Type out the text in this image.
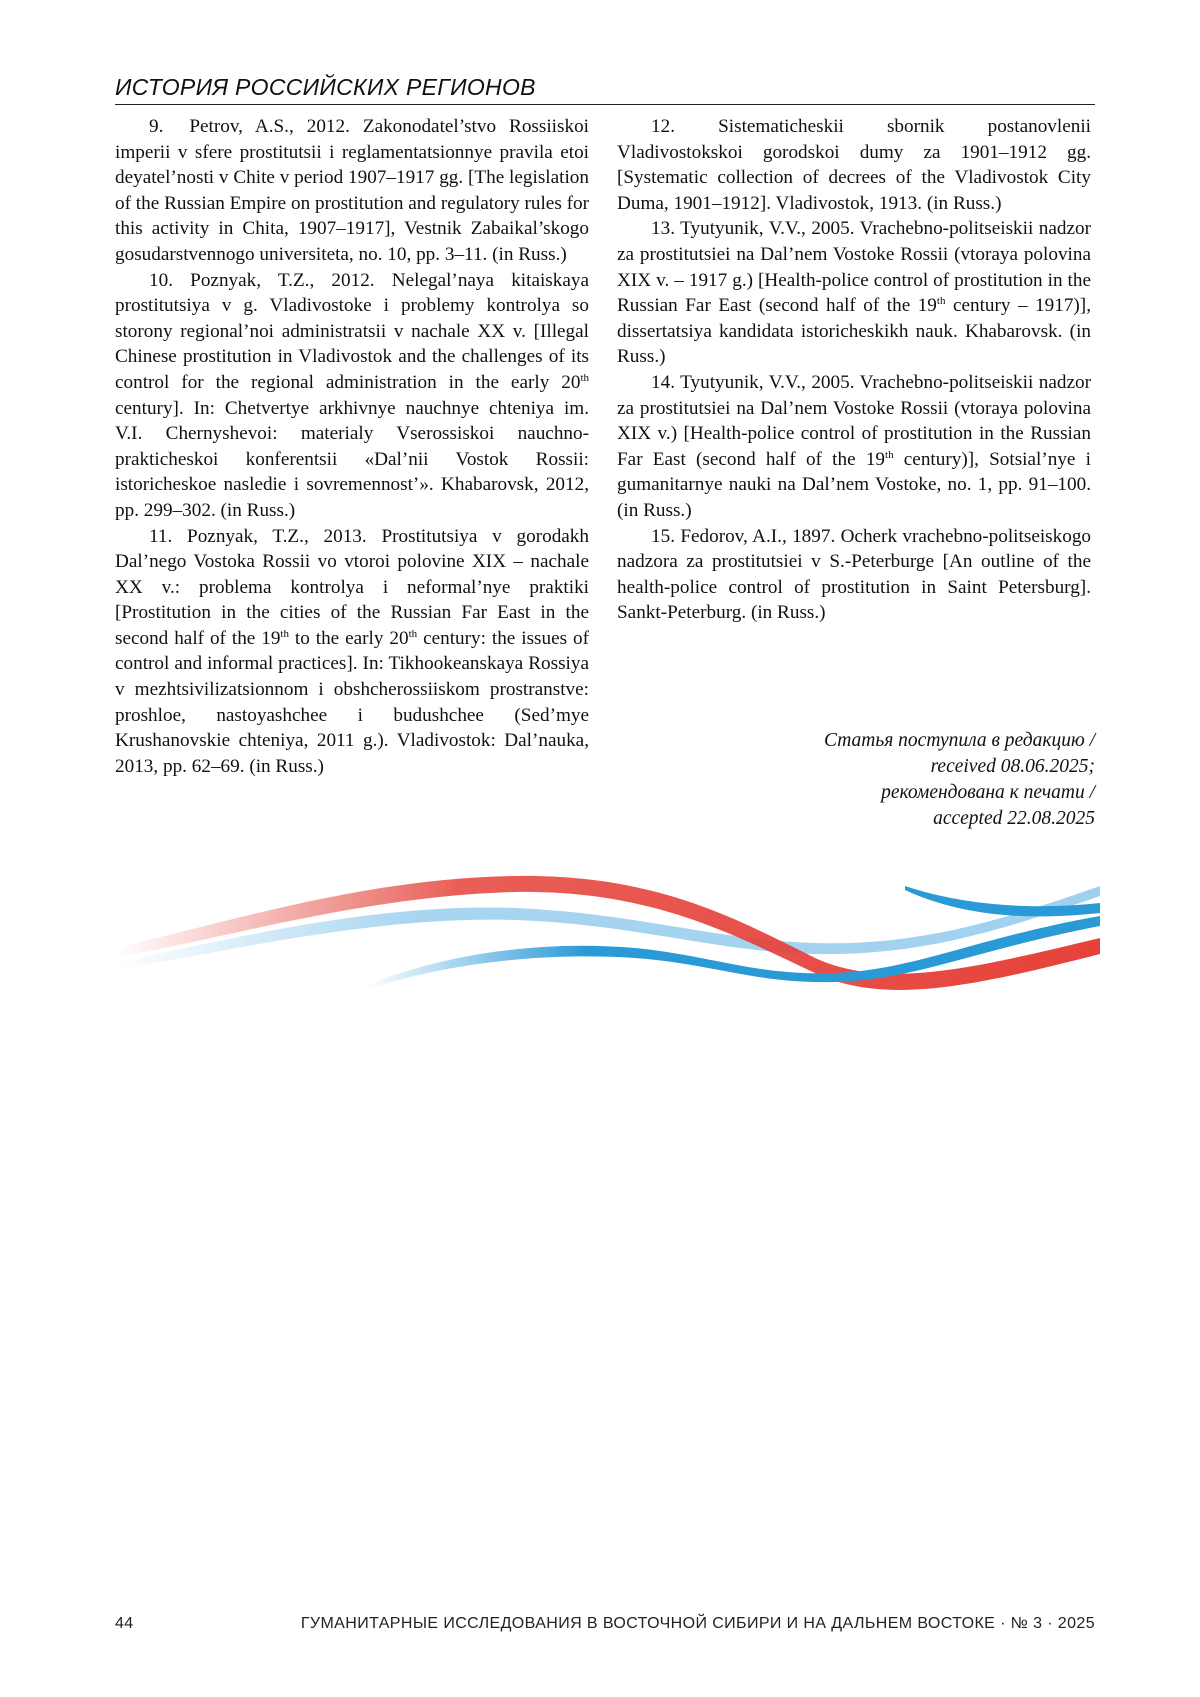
ИСТОРИЯ РОССИЙСКИХ РЕГИОНОВ

9. Petrov, A.S., 2012. Zakonodatel’stvo Rossiiskoi imperii v sfere prostitutsii i reglamentatsionnye pravila etoi deyatel’nosti v Chite v period 1907–1917 gg. [The legislation of the Russian Empire on prostitution and regulatory rules for this activity in Chita, 1907–1917], Vestnik Zabaikal’skogo gosudarstvennogo universiteta, no. 10, pp. 3–11. (in Russ.)

10. Poznyak, T.Z., 2012. Nelegal’naya kitaiskaya prostitutsiya v g. Vladivostoke i problemy kontrolya so storony regional’noi administratsii v nachale XX v. [Illegal Chinese prostitution in Vladivostok and the challenges of its control for the regional administration in the early 20th century]. In: Chetvertye arkhivnye nauchnye chteniya im. V.I. Chernyshevoi: materialy Vserossiskoi nauchno-prakticheskoi konferentsii «Dal’nii Vostok Rossii: istoricheskoe nasledie i sovremennost’». Khabarovsk, 2012, pp. 299–302. (in Russ.)

11. Poznyak, T.Z., 2013. Prostitutsiya v gorodakh Dal’nego Vostoka Rossii vo vtoroi polovine XIX – nachale XX v.: problema kontrolya i neformal’nye praktiki [Prostitution in the cities of the Russian Far East in the second half of the 19th to the early 20th century: the issues of control and informal practices]. In: Tikhookeanskaya Rossiya v mezhtsivilizatsionnom i obshcherossiiskom prostranstve: proshloe, nastoyashchee i budushchee (Sed’mye Krushanovskie chteniya, 2011 g.). Vladivostok: Dal’nauka, 2013, pp. 62–69. (in Russ.)

12. Sistematicheskii sbornik postanovlenii Vladivostokskoi gorodskoi dumy za 1901–1912 gg. [Systematic collection of decrees of the Vladivostok City Duma, 1901–1912]. Vladivostok, 1913. (in Russ.)

13. Tyutyunik, V.V., 2005. Vrachebno-politseiskii nadzor za prostitutsiei na Dal’nem Vostoke Rossii (vtoraya polovina XIX v. – 1917 g.) [Health-police control of prostitution in the Russian Far East (second half of the 19th century – 1917)], dissertatsiya kandidata istoricheskikh nauk. Khabarovsk. (in Russ.)

14. Tyutyunik, V.V., 2005. Vrachebno-politseiskii nadzor za prostitutsiei na Dal’nem Vostoke Rossii (vtoraya polovina XIX v.) [Health-police control of prostitution in the Russian Far East (second half of the 19th century)], Sotsial’nye i gumanitarnye nauki na Dal’nem Vostoke, no. 1, pp. 91–100. (in Russ.)

15. Fedorov, A.I., 1897. Ocherk vrachebno-politseiskogo nadzora za prostitutsiei v S.-Peterburge [An outline of the health-police control of prostitution in Saint Petersburg]. Sankt-Peterburg. (in Russ.)

Статья поступила в редакцию /
received 08.06.2025;
рекомендована к печати /
accepted 22.08.2025
44	ГУМАНИТАРНЫЕ ИССЛЕДОВАНИЯ В ВОСТОЧНОЙ СИБИРИ И НА ДАЛЬНЕМ ВОСТОКЕ · № 3 · 2025
